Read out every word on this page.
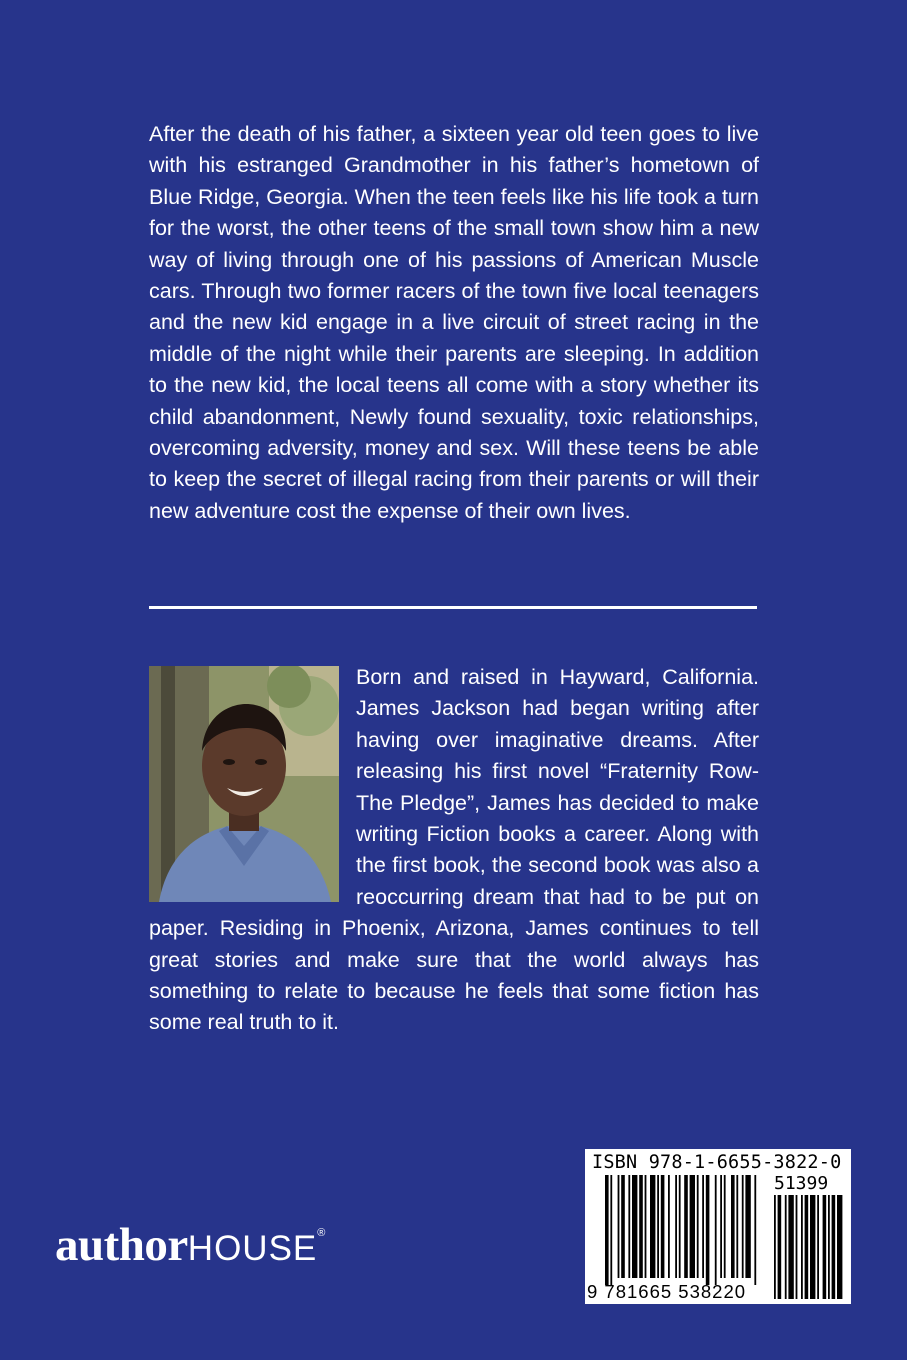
After the death of his father, a sixteen year old teen goes to live with his estranged Grandmother in his father’s hometown of Blue Ridge, Georgia. When the teen feels like his life took a turn for the worst, the other teens of the small town show him a new way of living through one of his passions of American Muscle cars. Through two former racers of the town five local teenagers and the new kid engage in a live circuit of street racing in the middle of the night while their parents are sleeping. In addition to the new kid, the local teens all come with a story whether its child abandonment, Newly found sexuality, toxic relationships, overcoming adversity, money and sex. Will these teens be able to keep the secret of illegal racing from their parents or will their new adventure cost the expense of their own lives.
Born and raised in Hayward, California. James Jackson had began writing after having over imaginative dreams. After releasing his first novel “Fraternity Row-The Pledge”, James has decided to make writing Fiction books a career. Along with the first book, the second book was also a reoccurring dream that had to be put on paper. Residing in Phoenix, Arizona, James continues to tell great stories and make sure that the world always has something to relate to because he feels that some fiction has some real truth to it.
authorHOUSE®
ISBN 978-1-6655-3822-0
51399
9 781665 538220
